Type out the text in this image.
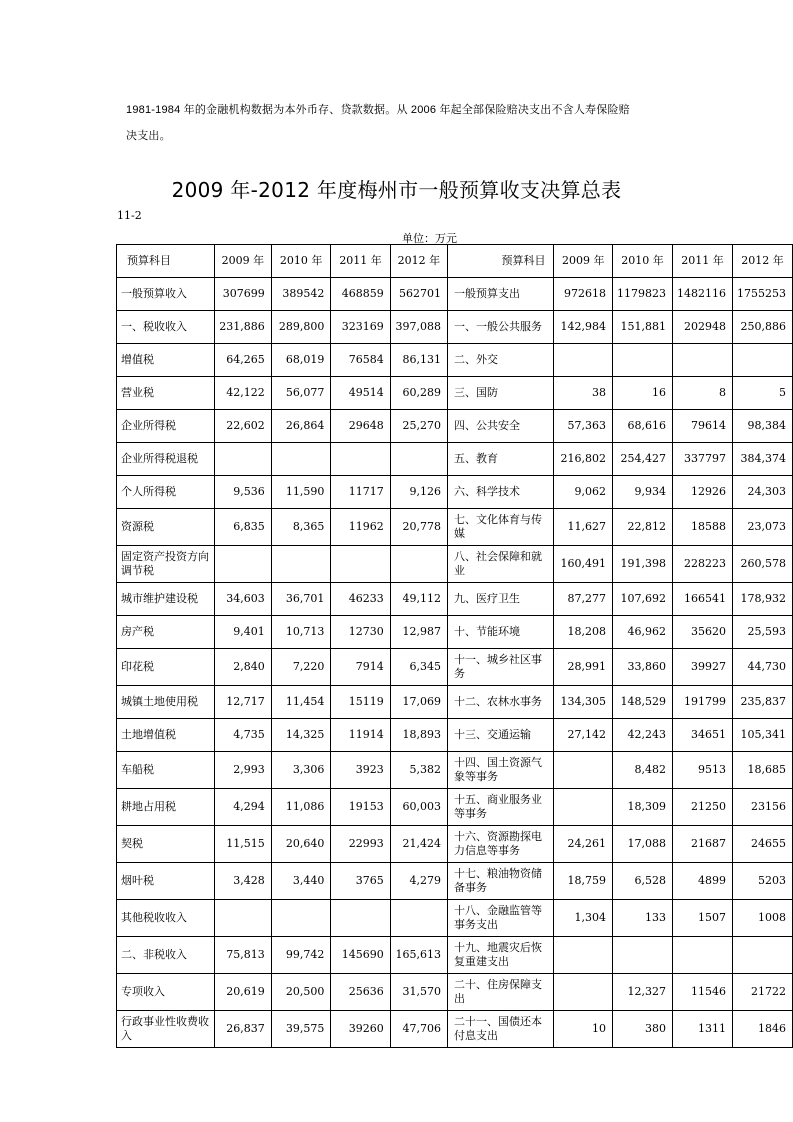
1981-1984 年的金融机构数据为本外币存、贷款数据。从 2006 年起全部保险赔决支出不含人寿保险赔
决支出。
2009 年-2012 年度梅州市一般预算收支决算总表
11-2
单位：万元
预算科目	2009 年	2010 年	2011 年	2012 年	预算科目	2009 年	2010 年	2011 年	2012 年
一般预算收入	307699	389542	468859	562701	一般预算支出	972618	1179823	1482116	1755253
一、税收收入	231,886	289,800	323169	397,088	一、一般公共服务	142,984	151,881	202948	250,886
增值税	64,265	68,019	76584	86,131	二、外交				
营业税	42,122	56,077	49514	60,289	三、国防	38	16	8	5
企业所得税	22,602	26,864	29648	25,270	四、公共安全	57,363	68,616	79614	98,384
企业所得税退税					五、教育	216,802	254,427	337797	384,374
个人所得税	9,536	11,590	11717	9,126	六、科学技术	9,062	9,934	12926	24,303
资源税	6,835	8,365	11962	20,778	七、文化体育与传媒	11,627	22,812	18588	23,073
固定资产投资方向调节税					八、社会保障和就业	160,491	191,398	228223	260,578
城市维护建设税	34,603	36,701	46233	49,112	九、医疗卫生	87,277	107,692	166541	178,932
房产税	9,401	10,713	12730	12,987	十、节能环境	18,208	46,962	35620	25,593
印花税	2,840	7,220	7914	6,345	十一、城乡社区事务	28,991	33,860	39927	44,730
城镇土地使用税	12,717	11,454	15119	17,069	十二、农林水事务	134,305	148,529	191799	235,837
土地增值税	4,735	14,325	11914	18,893	十三、交通运输	27,142	42,243	34651	105,341
车船税	2,993	3,306	3923	5,382	十四、国土资源气象等事务		8,482	9513	18,685
耕地占用税	4,294	11,086	19153	60,003	十五、商业服务业等事务		18,309	21250	23156
契税	11,515	20,640	22993	21,424	十六、资源勘探电力信息等事务	24,261	17,088	21687	24655
烟叶税	3,428	3,440	3765	4,279	十七、粮油物资储备事务	18,759	6,528	4899	5203
其他税收收入					十八、金融监管等事务支出	1,304	133	1507	1008
二、非税收入	75,813	99,742	145690	165,613	十九、地震灾后恢复重建支出				
专项收入	20,619	20,500	25636	31,570	二十、住房保障支出		12,327	11546	21722
行政事业性收费收入	26,837	39,575	39260	47,706	二十一、国债还本付息支出	10	380	1311	1846
